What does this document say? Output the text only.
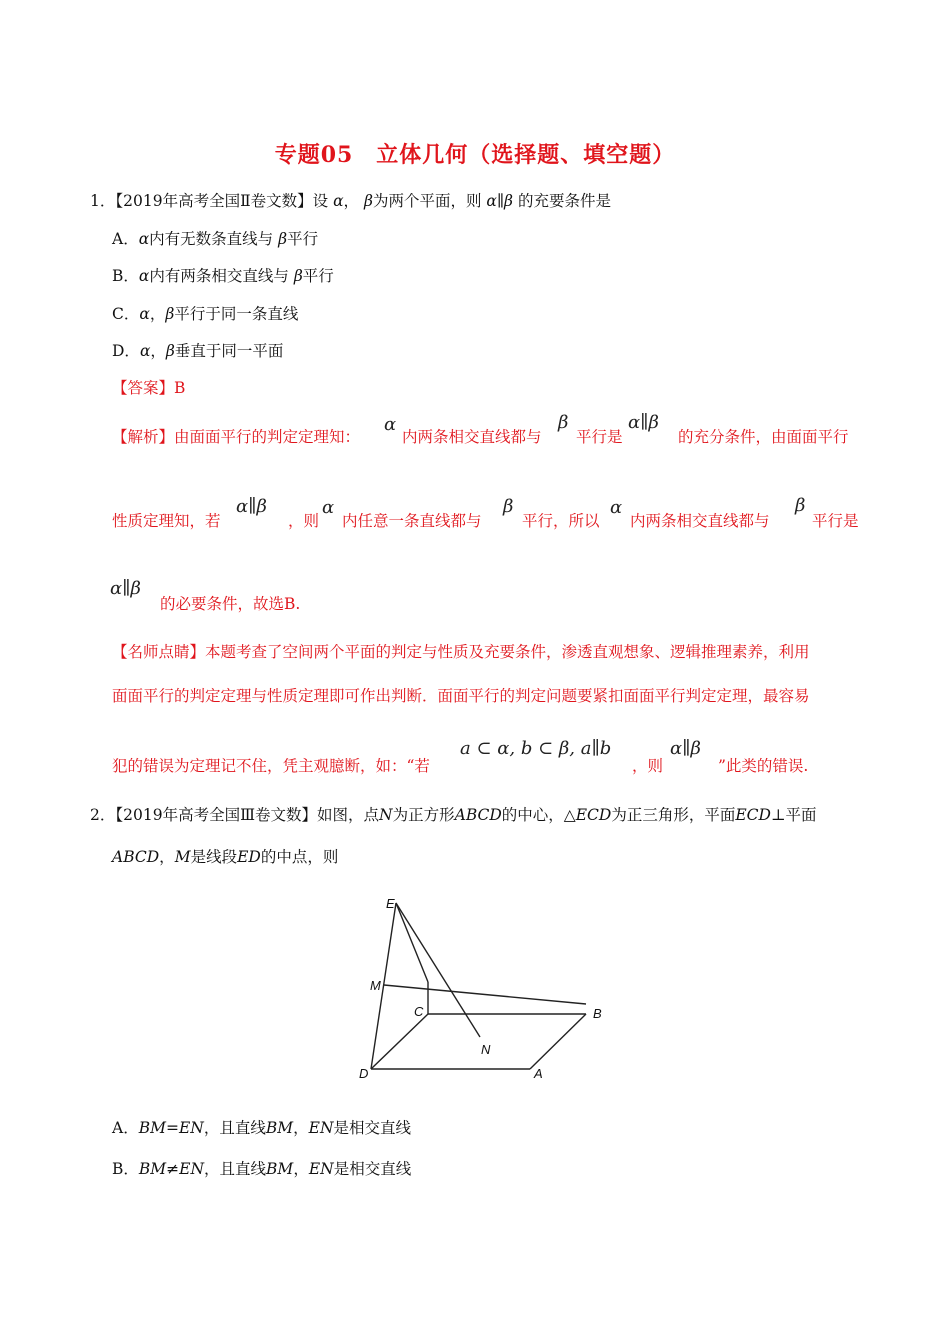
专题05　立体几何（选择题、填空题）
1．【2019年高考全国Ⅱ卷文数】设 α， β为两个平面，则 α∥β 的充要条件是
A．α内有无数条直线与 β平行
B．α内有两条相交直线与 β平行
C．α，β平行于同一条直线
D．α，β垂直于同一平面
【答案】B
【解析】由面面平行的判定定理知：
α
内两条相交直线都与
β
平行是
α∥β
的充分条件，由面面平行
性质定理知，若
α∥β
，则
α
内任意一条直线都与
β
平行，所以
α
内两条相交直线都与
β
平行是
α∥β
的必要条件，故选B.
【名师点睛】本题考查了空间两个平面的判定与性质及充要条件，渗透直观想象、逻辑推理素养，利用
面面平行的判定定理与性质定理即可作出判断．面面平行的判定问题要紧扣面面平行判定定理，最容易
犯的错误为定理记不住，凭主观臆断，如：“若
a ⊂ α, b ⊂ β, a∥b
，则
α∥β
”此类的错误.
2．【2019年高考全国Ⅲ卷文数】如图，点N为正方形ABCD的中心，△ECD为正三角形，平面ECD⊥平面
ABCD，M是线段ED的中点，则
E
M
C	B
N
D	A
A．BM=EN，且直线BM，EN是相交直线
B．BM≠EN，且直线BM，EN是相交直线
